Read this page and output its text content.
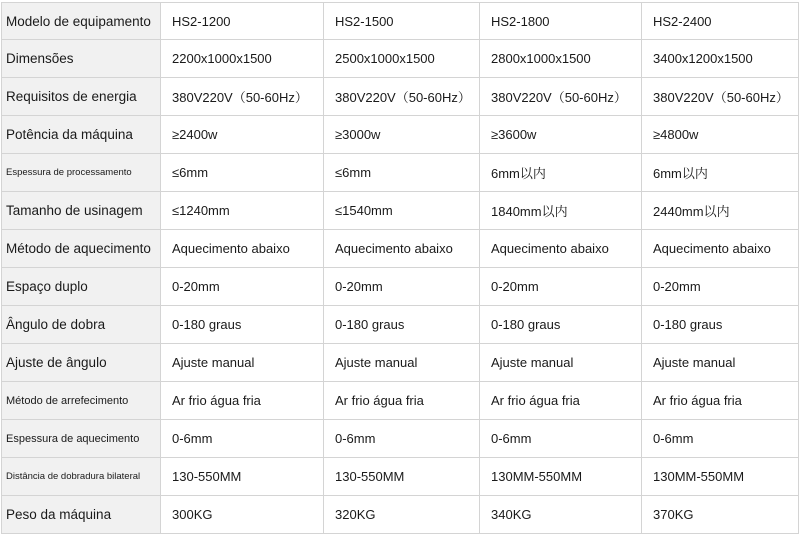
Modelo de equipamento	HS2-1200	HS2-1500	HS2-1800	HS2-2400
Dimensões	2200x1000x1500	2500x1000x1500	2800x1000x1500	3400x1200x1500
Requisitos de energia	380V220V（50-60Hz）	380V220V（50-60Hz）	380V220V（50-60Hz）	380V220V（50-60Hz）
Potência da máquina	≥2400w	≥3000w	≥3600w	≥4800w
Espessura de processamento	≤6mm	≤6mm	6mm以内	6mm以内
Tamanho de usinagem	≤1240mm	≤1540mm	1840mm以内	2440mm以内
Método de aquecimento	Aquecimento abaixo	Aquecimento abaixo	Aquecimento abaixo	Aquecimento abaixo
Espaço duplo	0-20mm	0-20mm	0-20mm	0-20mm
Ângulo de dobra	0-180 graus	0-180 graus	0-180 graus	0-180 graus
Ajuste de ângulo	Ajuste manual	Ajuste manual	Ajuste manual	Ajuste manual
Método de arrefecimento	Ar frio água fria	Ar frio água fria	Ar frio água fria	Ar frio água fria
Espessura de aquecimento	0-6mm	0-6mm	0-6mm	0-6mm
Distância de dobradura bilateral	130-550MM	130-550MM	130MM-550MM	130MM-550MM
Peso da máquina	300KG	320KG	340KG	370KG
